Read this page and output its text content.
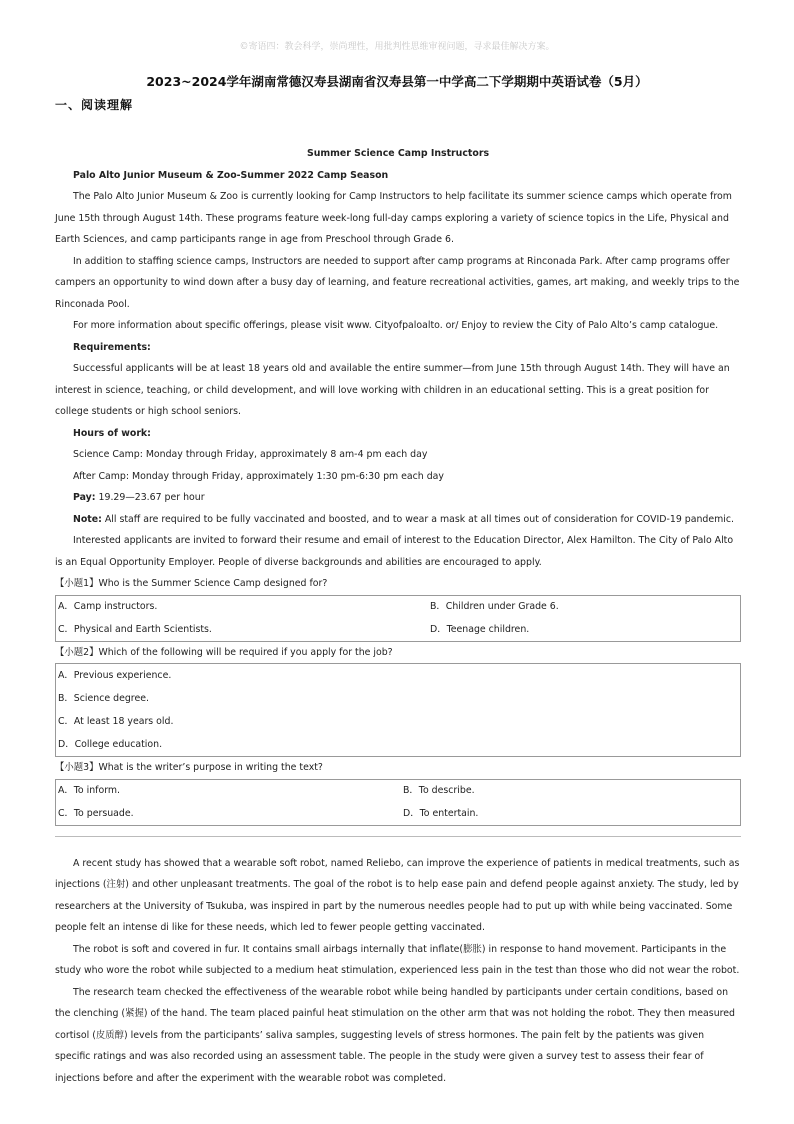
©寄语四：教会科学，崇尚理性，用批判性思维审视问题，寻求最佳解决方案。
2023~2024学年湖南常德汉寿县湖南省汉寿县第一中学高二下学期期中英语试卷（5月）
一、阅读理解
Summer Science Camp Instructors

Palo Alto Junior Museum & Zoo-Summer 2022 Camp Season

The Palo Alto Junior Museum & Zoo is currently looking for Camp Instructors to help facilitate its summer science camps which operate from June 15th through August 14th. These programs feature week-long full-day camps exploring a variety of science topics in the Life, Physical and Earth Sciences, and camp participants range in age from Preschool through Grade 6.

In addition to staffing science camps, Instructors are needed to support after camp programs at Rinconada Park. After camp programs offer campers an opportunity to wind down after a busy day of learning, and feature recreational activities, games, art making, and weekly trips to the Rinconada Pool.

For more information about specific offerings, please visit www. Cityofpaloalto. or/ Enjoy to review the City of Palo Alto’s camp catalogue.

Requirements:

Successful applicants will be at least 18 years old and available the entire summer—from June 15th through August 14th. They will have an interest in science, teaching, or child development, and will love working with children in an educational setting. This is a great position for college students or high school seniors.

Hours of work:

Science Camp: Monday through Friday, approximately 8 am-4 pm each day

After Camp: Monday through Friday, approximately 1:30 pm-6:30 pm each day

Pay: 19.29—23.67 per hour

Note: All staff are required to be fully vaccinated and boosted, and to wear a mask at all times out of consideration for COVID-19 pandemic.

Interested applicants are invited to forward their resume and email of interest to the Education Director, Alex Hamilton. The City of Palo Alto is an Equal Opportunity Employer. People of diverse backgrounds and abilities are encouraged to apply.

【小题1】Who is the Summer Science Camp designed for?

A．Camp instructors.	B．Children under Grade 6.
C．Physical and Earth Scientists.	D．Teenage children.

【小题2】Which of the following will be required if you apply for the job?

A．Previous experience.
B．Science degree.
C．At least 18 years old.
D．College education.

【小题3】What is the writer’s purpose in writing the text?

A．To inform.	B．To describe.
C．To persuade.	D．To entertain.

A recent study has showed that a wearable soft robot, named Reliebo, can improve the experience of patients in medical treatments, such as injections (注射) and other unpleasant treatments. The goal of the robot is to help ease pain and defend people against anxiety. The study, led by researchers at the University of Tsukuba, was inspired in part by the numerous needles people had to put up with while being vaccinated. Some people felt an intense di like for these needs, which led to fewer people getting vaccinated.

The robot is soft and covered in fur. It contains small airbags internally that inflate(膨胀) in response to hand movement. Participants in the study who wore the robot while subjected to a medium heat stimulation, experienced less pain in the test than those who did not wear the robot.

The research team checked the effectiveness of the wearable robot while being handled by participants under certain conditions, based on the clenching (紧握) of the hand. The team placed painful heat stimulation on the other arm that was not holding the robot. They then measured cortisol (皮质醇) levels from the participants’ saliva samples, suggesting levels of stress hormones. The pain felt by the patients was given specific ratings and was also recorded using an assessment table. The people in the study were given a survey test to assess their fear of injections before and after the experiment with the wearable robot was completed.
